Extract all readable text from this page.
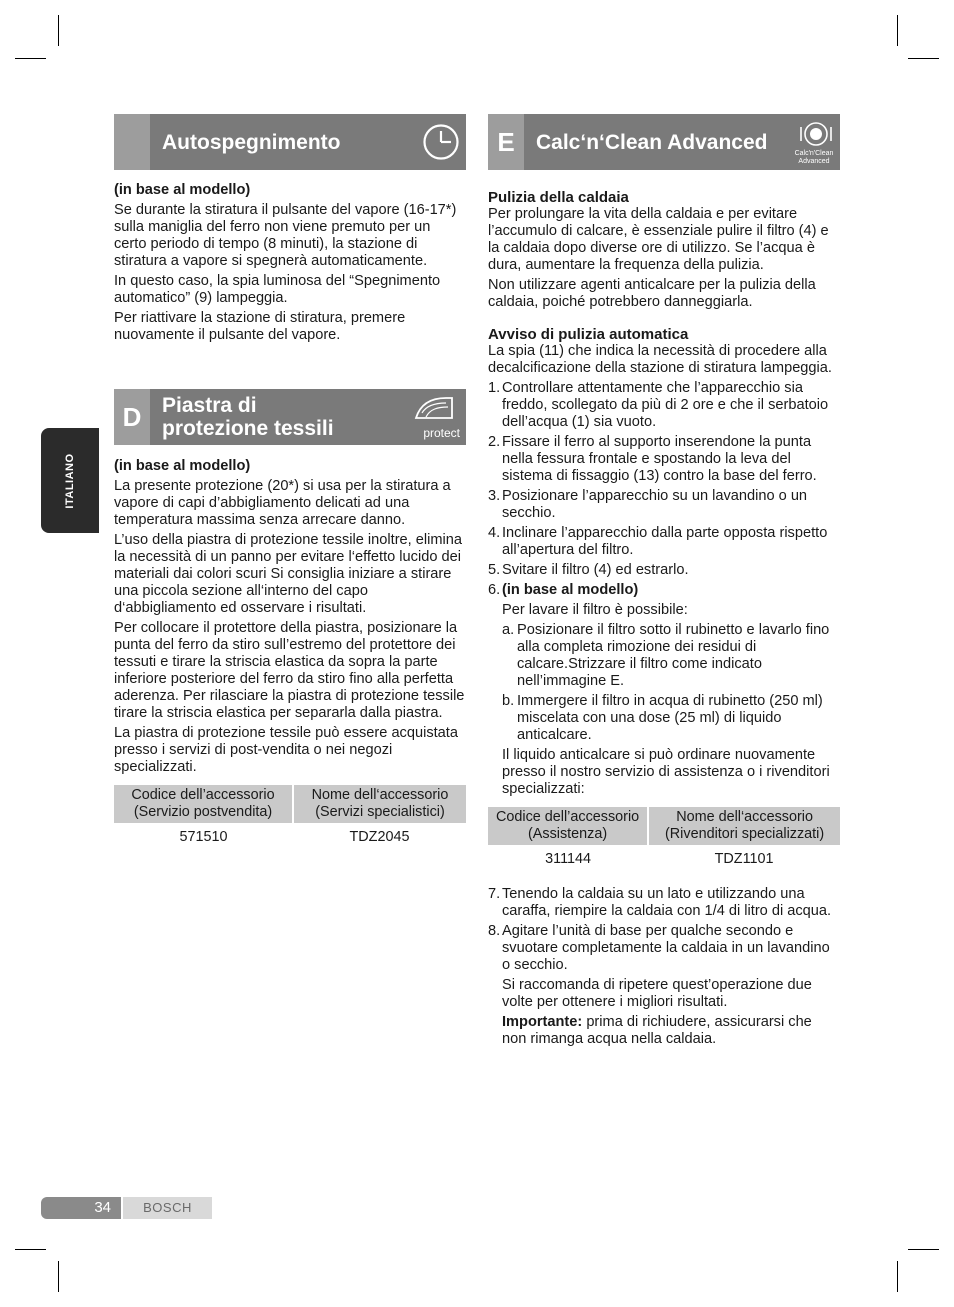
ITALIANO
Autospegnimento

(in base al modello)

Se durante la stiratura il pulsante del vapore (16-17*) sulla maniglia del ferro non viene premuto per un certo periodo di tempo (8 minuti), la stazione di stiratura a vapore si spegnerà automaticamente.

In questo caso, la spia luminosa del “Spegnimento automatico” (9) lampeggia.

Per riattivare la stazione di stiratura, premere nuovamente il pulsante del vapore.

D Piastra di
protezione tessili	protect

(in base al modello)

La presente protezione (20*) si usa per la stiratura a vapore di capi d’abbigliamento delicati ad una temperatura massima senza arrecare danno.

L’uso della piastra di protezione tessile inoltre, elimina la necessità di un panno per evitare l‘effetto lucido dei materiali dai colori scuri Si consiglia iniziare a stirare una piccola sezione all‘interno del capo d‘abbigliamento ed osservare i risultati.

Per collocare il protettore della piastra, posizionare la punta del ferro da stiro sull’estremo del protettore dei tessuti e tirare la striscia elastica da sopra la parte inferiore posteriore del ferro da stiro fino alla perfetta aderenza. Per rilasciare la piastra di protezione tessile tirare la striscia elastica per separarla dalla piastra.

La piastra di protezione tessile può essere acquistata presso i servizi di post-vendita o nei negozi specializzati.

Codice dell’accessorio (Servizio postvendita)	Nome dell‘accessorio (Servizi specialistici)
571510	TDZ2045
E	Calc‘n‘Clean Advanced	Calc'n'Clean Advanced
Pulizia della caldaia

Per prolungare la vita della caldaia e per evitare l’accumulo di calcare, è essenziale pulire il filtro (4) e la caldaia dopo diverse ore di utilizzo. Se l’acqua è dura, aumentare la frequenza della pulizia.

Non utilizzare agenti anticalcare per la pulizia della caldaia, poiché potrebbero danneggiarla.

Avviso di pulizia automatica

La spia (11) che indica la necessità di procedere alla decalcificazione della stazione di stiratura lampeggia.

1. Controllare attentamente che l’apparecchio sia freddo, scollegato da più di 2 ore e che il serbatoio dell’acqua (1) sia vuoto.
2. Fissare il ferro al supporto inserendone la punta nella fessura frontale e spostando la leva del sistema di fissaggio (13) contro la base del ferro.
3. Posizionare l’apparecchio su un lavandino o un secchio.
4. Inclinare l’apparecchio dalla parte opposta rispetto all’apertura del filtro.
5. Svitare il filtro (4) ed estrarlo.
6. (in base al modello)
Per lavare il filtro è possibile:
a. Posizionare il filtro sotto il rubinetto e lavarlo fino alla completa rimozione dei residui di calcare.Strizzare il filtro come indicato nell’immagine E.
b. Immergere il filtro in acqua di rubinetto (250 ml) miscelata con una dose (25 ml) di liquido anticalcare.
Il liquido anticalcare si può ordinare nuovamente presso il nostro servizio di assistenza o i rivenditori specializzati:
Codice dell’accessorio (Assistenza)	Nome dell‘accessorio (Rivenditori specializzati)
311144	TDZ1101
7. Tenendo la caldaia su un lato e utilizzando una caraffa, riempire la caldaia con 1/4 di litro di acqua.
8. Agitare l’unità di base per qualche secondo e svuotare completamente la caldaia in un lavandino o secchio.
Si raccomanda di ripetere quest’operazione due volte per ottenere i migliori risultati.
Importante: prima di richiudere, assicurarsi che non rimanga acqua nella caldaia.
34	BOSCH
